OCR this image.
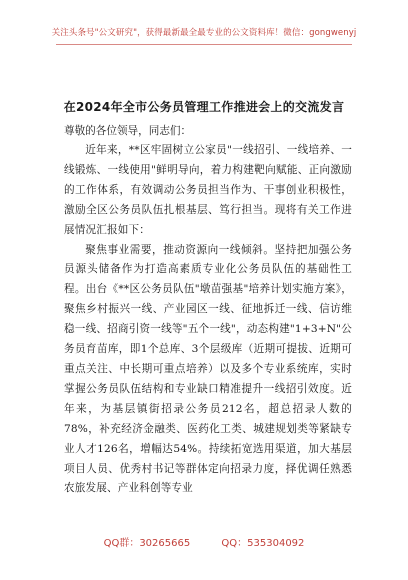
关注头条号"公文研究"，获得最新最全最专业的公文资料库！微信：gongwenyj
在2024年全市公务员管理工作推进会上的交流发言

尊敬的各位领导，同志们：

近年来，**区牢固树立公家员"一线招引、一线培养、一线锻炼、一线使用"鲜明导向，着力构建靶向赋能、正向激励的工作体系，有效调动公务员担当作为、干事创业积极性，激励全区公务员队伍扎根基层、笃行担当。现将有关工作进展情况汇报如下：

聚焦事业需要，推动资源向一线倾斜。坚持把加强公务员源头储备作为打造高素质专业化公务员队伍的基础性工程。出台《**区公务员队伍"墩苗强基"培养计划实施方案》，聚焦乡村振兴一线、产业园区一线、征地拆迁一线、信访维稳一线、招商引资一线等"五个一线"，动态构建"1+3+N"公务员育苗库，即1个总库、3个层级库（近期可提拔、近期可重点关注、中长期可重点培养）以及多个专业系统库，实时掌握公务员队伍结构和专业缺口精准提升一线招引效度。近年来，为基层镇街招录公务员212名，超总招录人数的78%，补充经济金融类、医药化工类、城建规划类等紧缺专业人才126名，增幅达54%。持续拓宽选用渠道，加大基层项目人员、优秀村书记等群体定向招录力度，择优调任熟悉农旅发展、产业科创等专业

QQ群：30265665	QQ：535304092
